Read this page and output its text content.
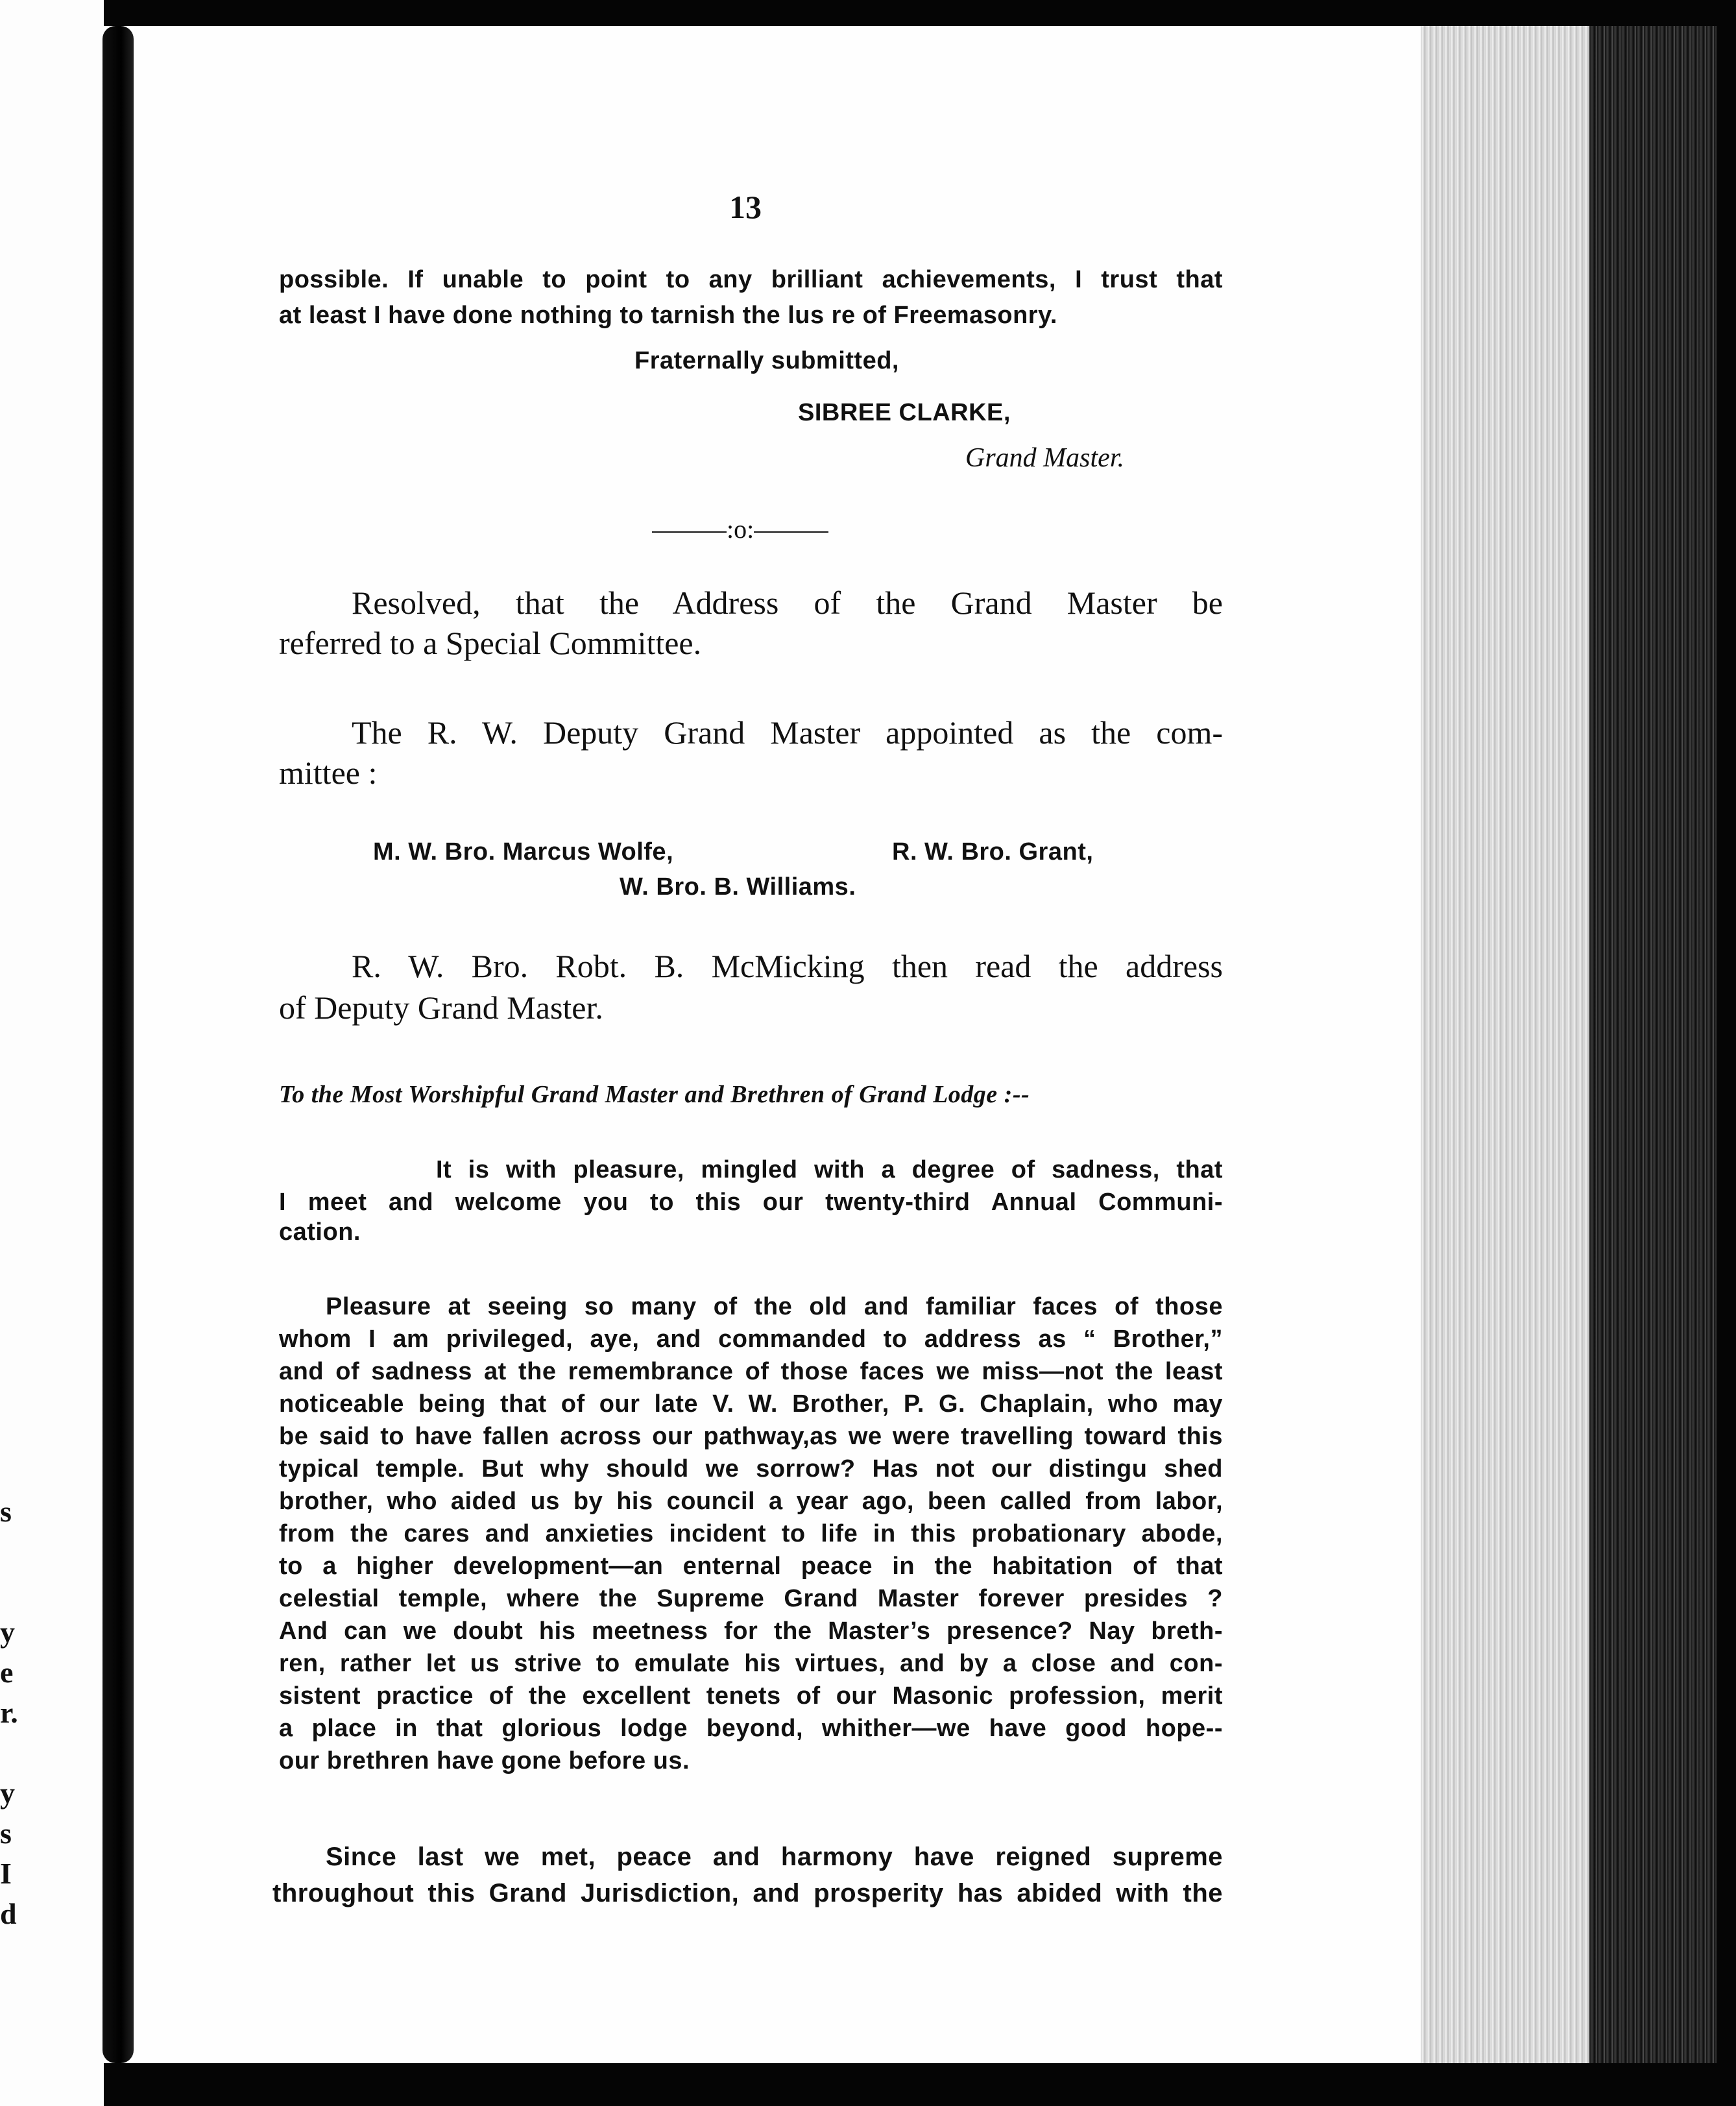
s
y
e
r.
y
s
I
d
13
possible. If unable to point to any brilliant achievements, I trust that
at least I have done nothing to tarnish the lus re of Freemasonry.
Fraternally submitted,
SIBREE CLARKE,
Grand Master.
:o:
Resolved, that the Address of the Grand Master be
referred to a Special Committee.
The R. W. Deputy Grand Master appointed as the com-
mittee :
M. W. Bro. Marcus Wolfe,	R. W. Bro. Grant,
W. Bro. B. Williams.
R. W. Bro. Robt. B. McMicking then read the address
of Deputy Grand Master.
To the Most Worshipful Grand Master and Brethren of Grand Lodge :--
It is with pleasure, mingled with a degree of sadness, that
I meet and welcome you to this our twenty-third Annual Communi-
cation.
Pleasure at seeing so many of the old and familiar faces of those
whom I am privileged, aye, and commanded to address as “ Brother,”
and of sadness at the remembrance of those faces we miss—not the least
noticeable being that of our late V. W. Brother, P. G. Chaplain, who may
be said to have fallen across our pathway,as we were travelling toward this
typical temple. But why should we sorrow? Has not our distingu shed
brother, who aided us by his council a year ago, been called from labor,
from the cares and anxieties incident to life in this probationary abode,
to a higher development—an enternal peace in the habitation of that
celestial temple, where the Supreme Grand Master forever presides ?
And can we doubt his meetness for the Master’s presence? Nay breth-
ren, rather let us strive to emulate his virtues, and by a close and con-
sistent practice of the excellent tenets of our Masonic profession, merit
a place in that glorious lodge beyond, whither—we have good hope--
our brethren have gone before us.
Since last we met, peace and harmony have reigned supreme
throughout this Grand Jurisdiction, and prosperity has abided with the
